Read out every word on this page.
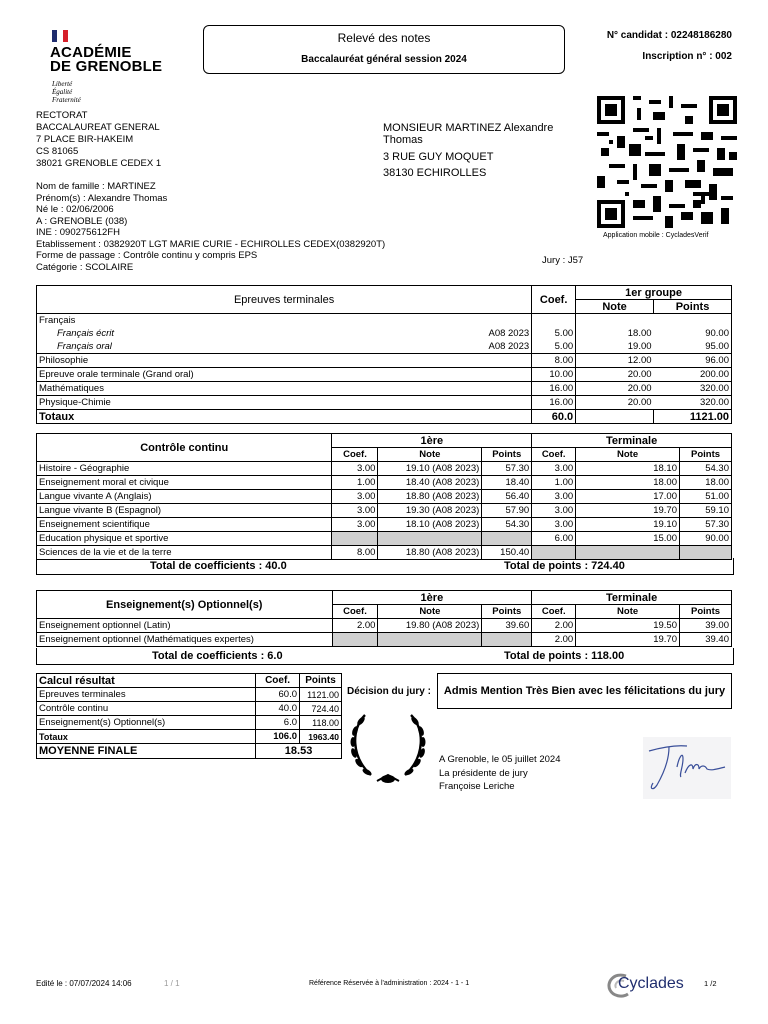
ACADÉMIE
DE GRENOBLE
Liberté
Égalité
Fraternité
Relevé des notes
Baccalauréat général session 2024
N° candidat : 02248186280
Inscription n° : 002
RECTORAT
BACCALAUREAT GENERAL
7 PLACE BIR-HAKEIM
CS 81065
38021 GRENOBLE CEDEX 1
MONSIEUR MARTINEZ Alexandre
Thomas
3 RUE GUY MOQUET
38130 ECHIROLLES
Application mobile : CycladesVerif
Nom de famille : MARTINEZ
Prénom(s) : Alexandre Thomas
Né le : 02/06/2006
A : GRENOBLE (038)
INE : 090275612FH
Etablissement : 0382920T LGT MARIE CURIE - ECHIROLLES CEDEX(0382920T)
Forme de passage : Contrôle continu y compris EPS
Catégorie : SCOLAIRE
Jury : J57
Epreuves terminales		Coef.	1er groupe	
			Note	Points
Français				
Français écrit	A08 2023	5.00	18.00	90.00
Français oral	A08 2023	5.00	19.00	95.00
Philosophie		8.00	12.00	96.00
Epreuve orale terminale (Grand oral)		10.00	20.00	200.00
Mathématiques		16.00	20.00	320.00
Physique-Chimie		16.00	20.00	320.00
Totaux		60.0		1121.00
Contrôle continu	1ère			Terminale		
	Coef.	Note	Points	Coef.	Note	Points
Histoire - Géographie	3.00	19.10 (A08 2023)	57.30	3.00	18.10	54.30
Enseignement moral et civique	1.00	18.40 (A08 2023)	18.40	1.00	18.00	18.00
Langue vivante A (Anglais)	3.00	18.80 (A08 2023)	56.40	3.00	17.00	51.00
Langue vivante B (Espagnol)	3.00	19.30 (A08 2023)	57.90	3.00	19.70	59.10
Enseignement scientifique	3.00	18.10 (A08 2023)	54.30	3.00	19.10	57.30
Education physique et sportive				6.00	15.00	90.00
Sciences de la vie et de la terre	8.00	18.80 (A08 2023)	150.40			
Total de coefficients : 40.0	Total de points : 724.40
Enseignement(s) Optionnel(s)	1ère			Terminale		
	Coef.	Note	Points	Coef.	Note	Points
Enseignement optionnel (Latin)	2.00	19.80 (A08 2023)	39.60	2.00	19.50	39.00
Enseignement optionnel (Mathématiques expertes)				2.00	19.70	39.40
Total de coefficients : 6.0	Total de points : 118.00
Calcul résultat	Coef.	Points
Epreuves terminales	60.0	1121.00
Contrôle continu	40.0	724.40
Enseignement(s) Optionnel(s)	6.0	118.00
Totaux	106.0	1963.40
MOYENNE FINALE	18.53	
Décision du jury :	Admis Mention Très Bien avec les félicitations du jury
A Grenoble, le 05 juillet 2024
La présidente de jury
Françoise Leriche
Edité le : 07/07/2024 14:06	1 / 1	Référence Réservée à l'administration : 2024 - 1 - 1	Cyclades	1 /2
